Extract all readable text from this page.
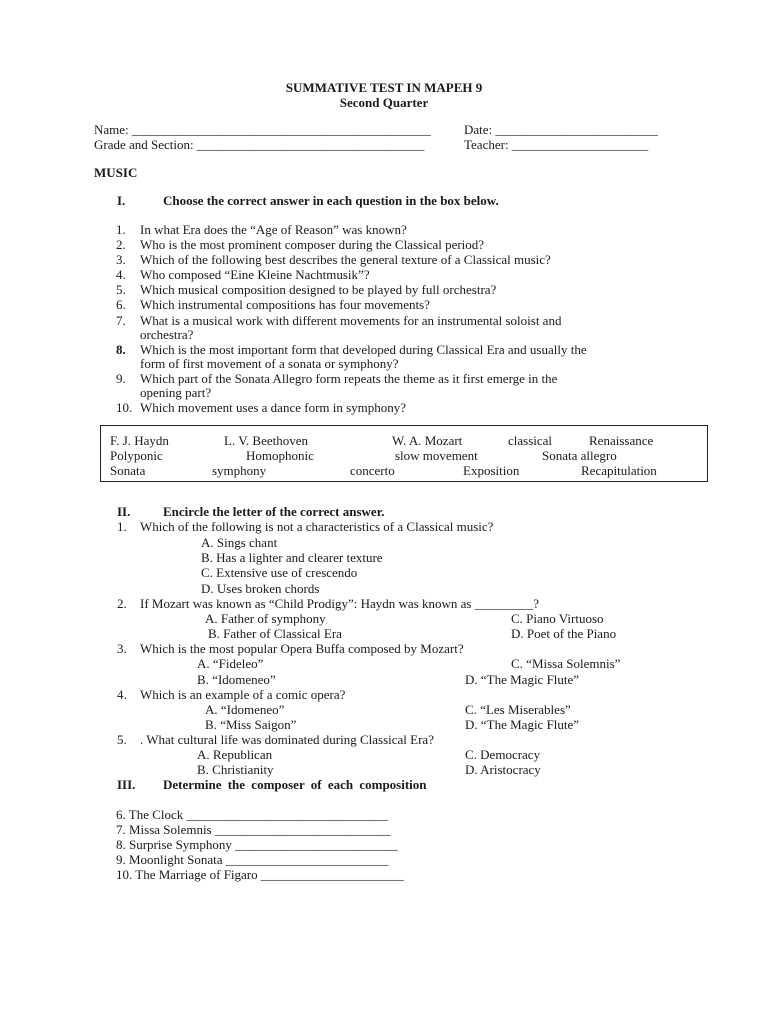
SUMMATIVE TEST IN MAPEH 9
Second Quarter
Name: ______________________________________________	Date: _________________________
Grade and Section: ___________________________________	Teacher: _____________________
MUSIC
I.	Choose the correct answer in each question in the box below.
1. In what Era does the “Age of Reason” was known?
2. Who is the most prominent composer during the Classical period?
3. Which of the following best describes the general texture of a Classical music?
4. Who composed “Eine Kleine Nachtmusik”?
5. Which musical composition designed to be played by full orchestra?
6. Which instrumental compositions has four movements?
7. What is a musical work with different movements for an instrumental soloist and
orchestra?
8. Which is the most important form that developed during Classical Era and usually the
form of first movement of a sonata or symphony?
9. Which part of the Sonata Allegro form repeats the theme as it first emerge in the
opening part?
10. Which movement uses a dance form in symphony?
F. J. Haydn	L. V. Beethoven	W. A. Mozart	classical	Renaissance
Polyponic	Homophonic	slow movement	Sonata allegro
Sonata	symphony	concerto	Exposition	Recapitulation
II.	Encircle the letter of the correct answer.
1. Which of the following is not a characteristics of a Classical music?
A. Sings chant
B. Has a lighter and clearer texture
C. Extensive use of crescendo
D. Uses broken chords
2. If Mozart was known as “Child Prodigy”: Haydn was known as _________?
A. Father of symphony	C. Piano Virtuoso
B. Father of Classical Era	D. Poet of the Piano
3. Which is the most popular Opera Buffa composed by Mozart?
A. “Fideleo”	C. “Missa Solemnis”
B. “Idomeneo”	D. “The Magic Flute”
4. Which is an example of a comic opera?
A. “Idomeneo”	C. “Les Miserables”
B. “Miss Saigon”	D. “The Magic Flute”
5. . What cultural life was dominated during Classical Era?
A. Republican	C. Democracy
B. Christianity	D. Aristocracy
III. Determine the composer of each composition
6. The Clock _______________________________
7. Missa Solemnis ___________________________
8. Surprise Symphony _________________________
9. Moonlight Sonata _________________________
10. The Marriage of Figaro ______________________
